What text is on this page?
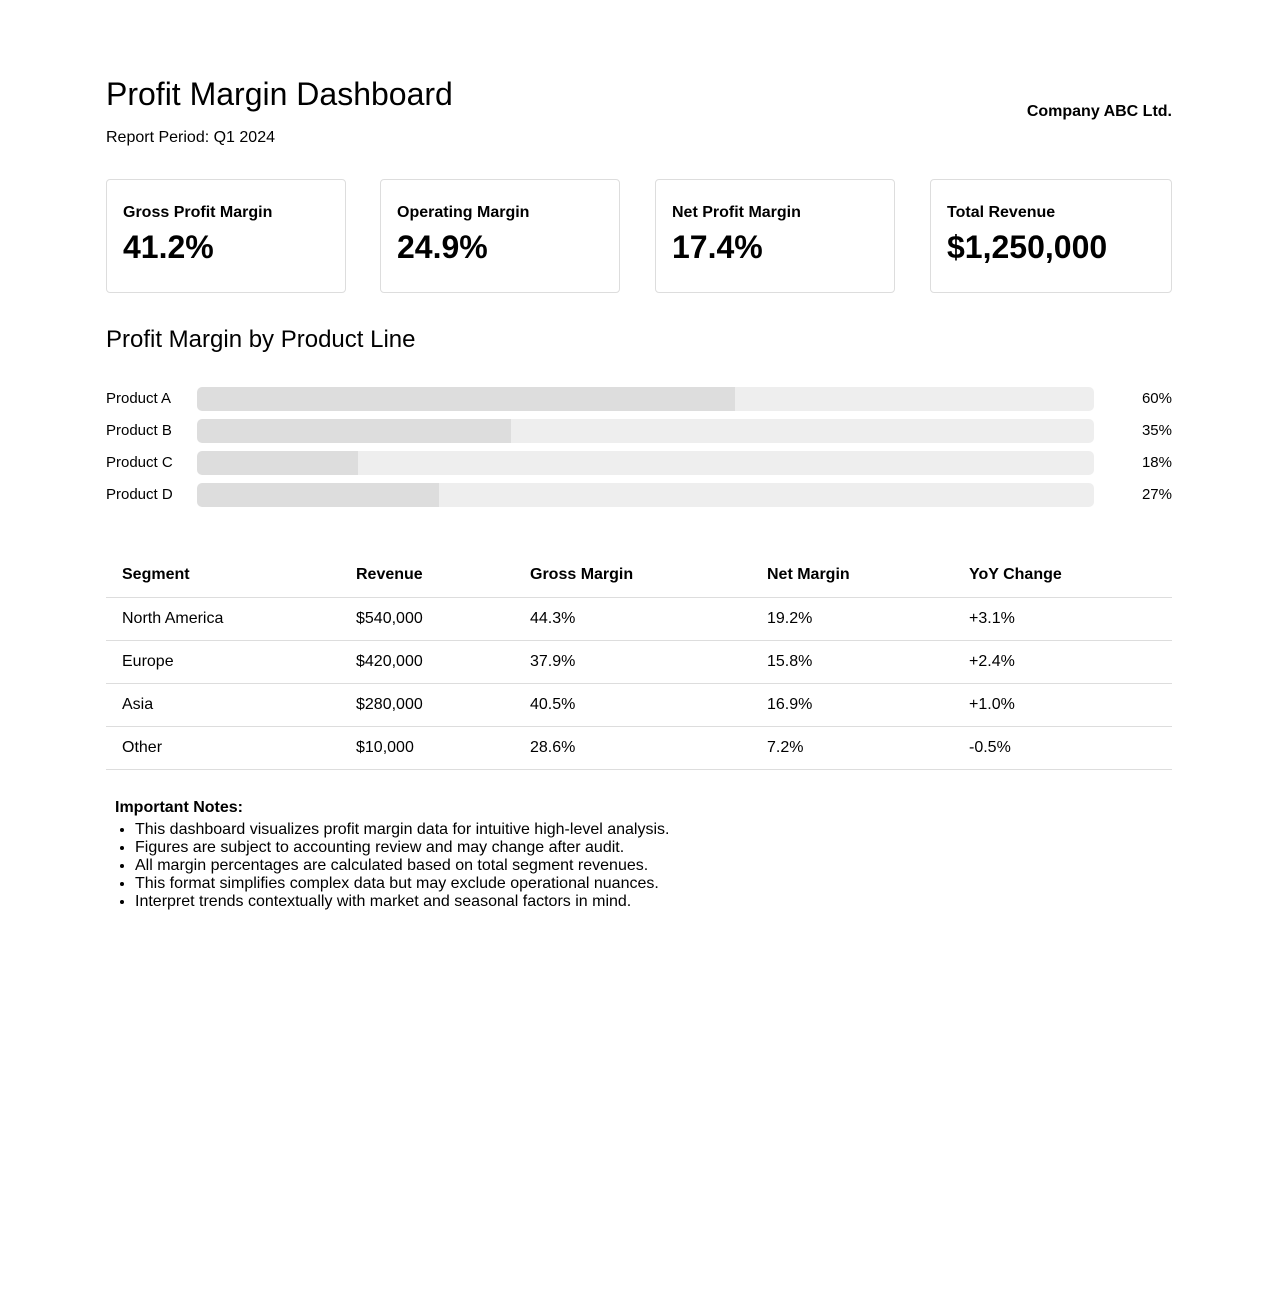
Profit Margin Dashboard
Report Period: Q1 2024
Company ABC Ltd.
Gross Profit Margin
41.2%
Operating Margin
24.9%
Net Profit Margin
17.4%
Total Revenue
$1,250,000
Profit Margin by Product Line
Product A	60%
Product B	35%
Product C	18%
Product D	27%
Segment	Revenue	Gross Margin	Net Margin	YoY Change
North America	$540,000	44.3%	19.2%	+3.1%
Europe	$420,000	37.9%	15.8%	+2.4%
Asia	$280,000	40.5%	16.9%	+1.0%
Other	$10,000	28.6%	7.2%	-0.5%
Important Notes:
• This dashboard visualizes profit margin data for intuitive high-level analysis.
• Figures are subject to accounting review and may change after audit.
• All margin percentages are calculated based on total segment revenues.
• This format simplifies complex data but may exclude operational nuances.
• Interpret trends contextually with market and seasonal factors in mind.
